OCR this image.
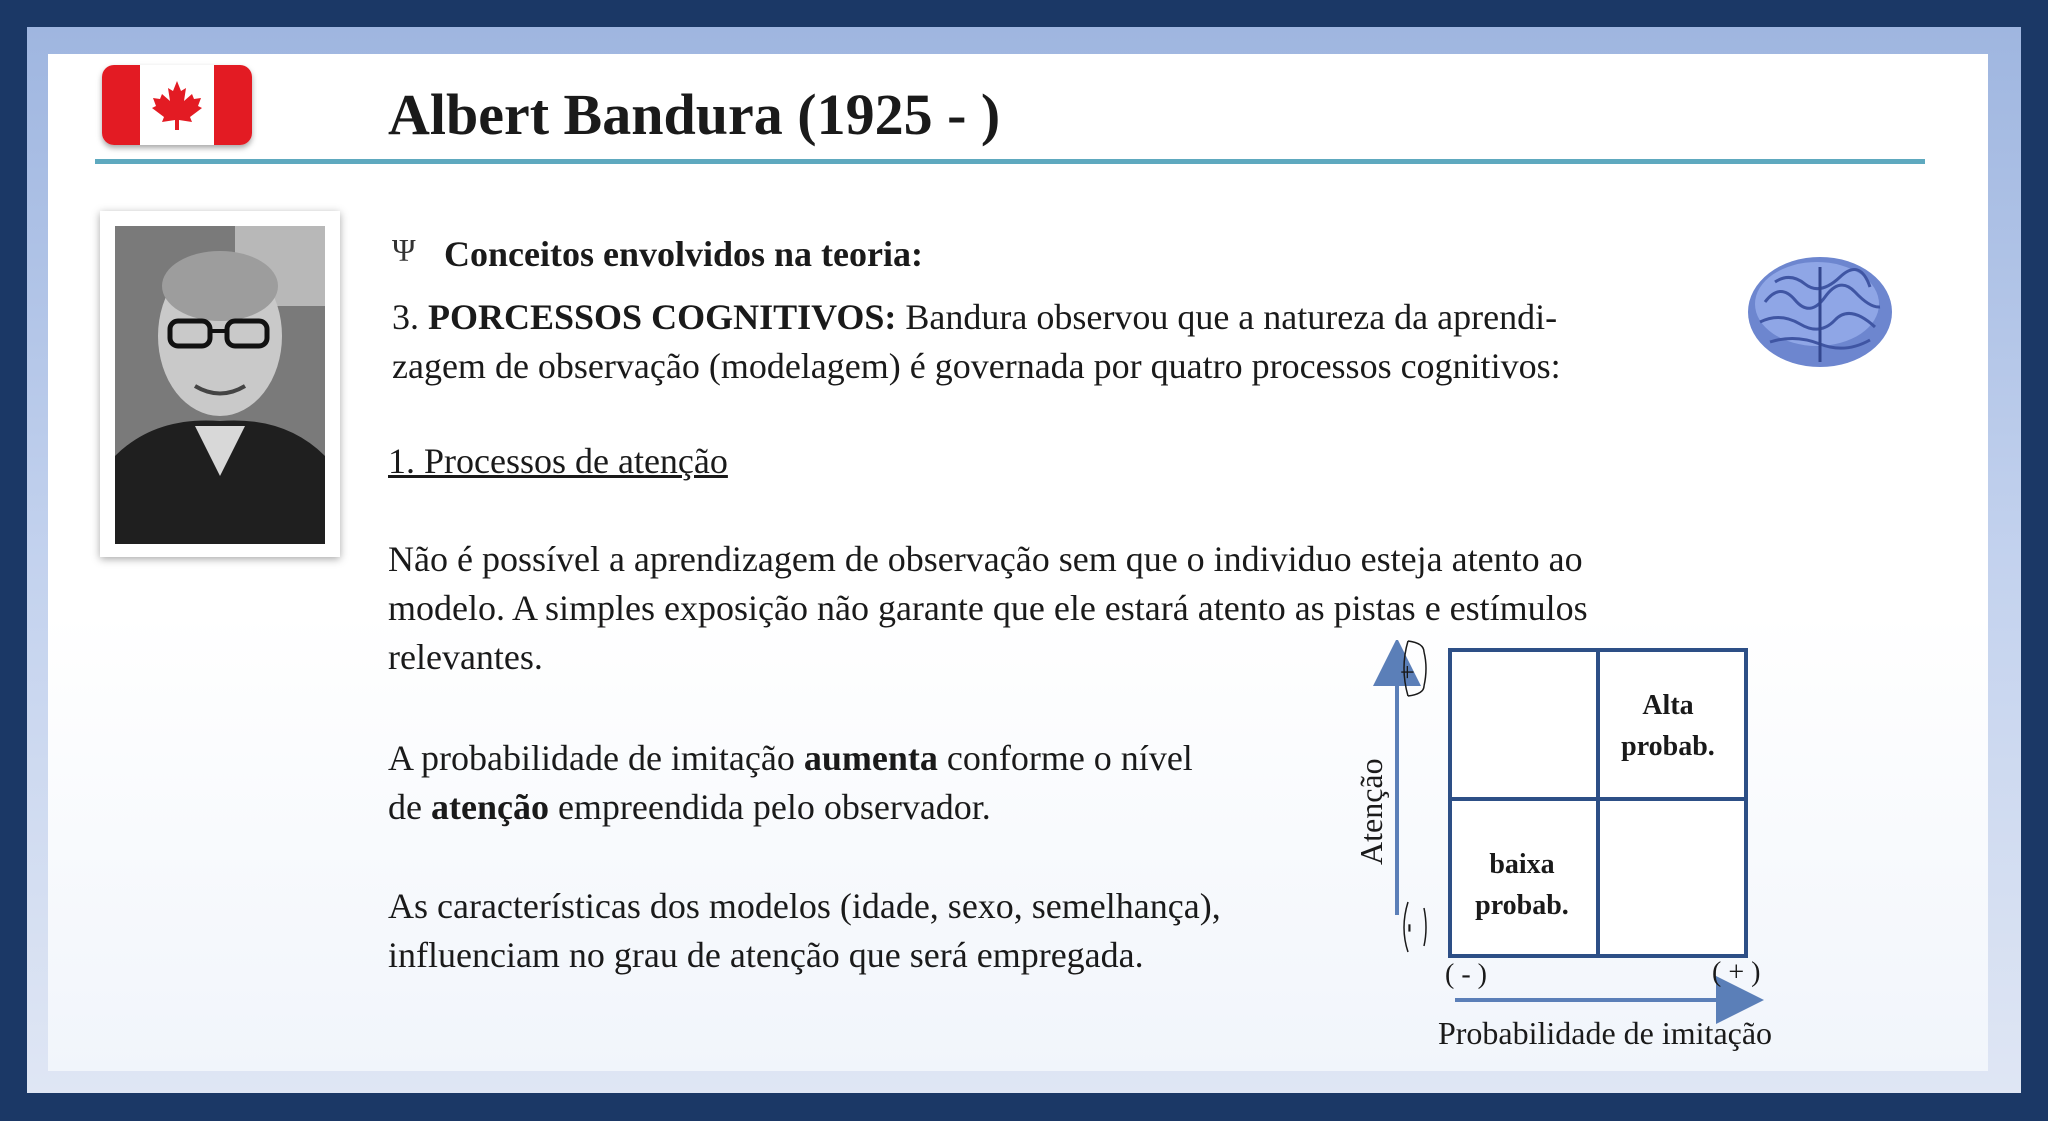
Albert Bandura (1925 - )
Ψ Conceitos envolvidos na teoria:
3. PORCESSOS COGNITIVOS: Bandura observou que a natureza da aprendi-
zagem de observação (modelagem) é governada por quatro processos cognitivos:
1. Processos de atenção
Não é possível a aprendizagem de observação sem que o individuo esteja atento ao
modelo. A simples exposição não garante que ele estará atento as pistas e estímulos
relevantes.
A probabilidade de imitação aumenta conforme o nível
de atenção empreendida pelo observador.
As características dos modelos (idade, sexo, semelhança),
influenciam no grau de atenção que será empregada.
Atenção
+
-
( - )	( + )
Alta
probab.
baixa
probab.
Probabilidade de imitação
